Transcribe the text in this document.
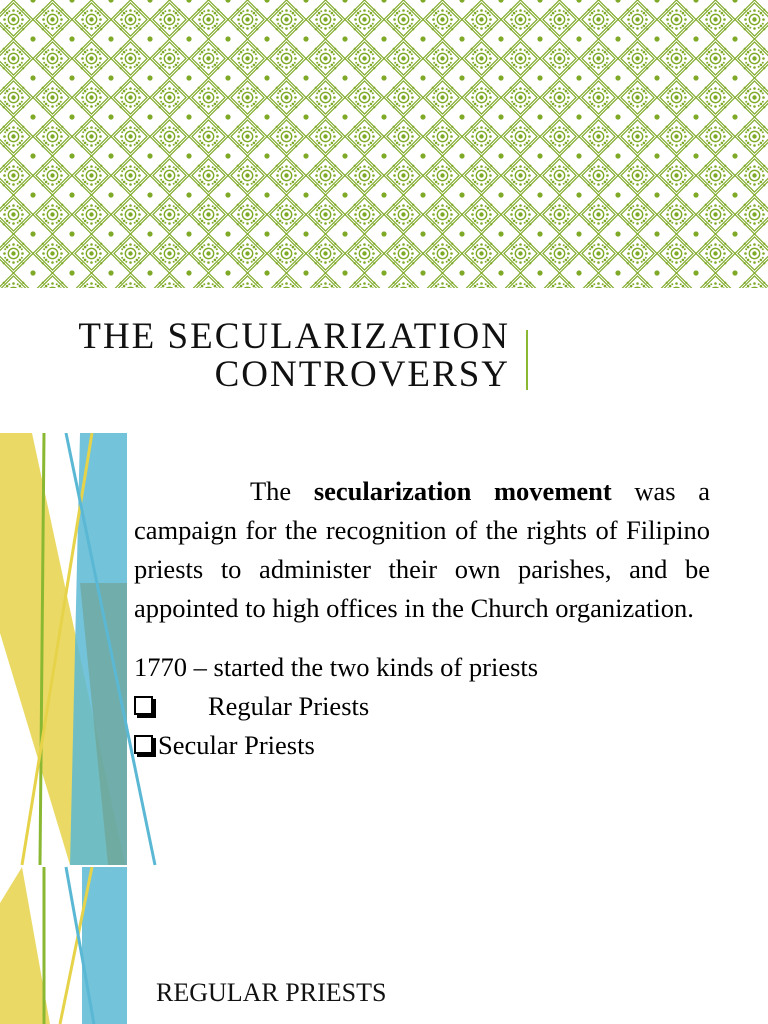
THE SECULARIZATION
CONTROVERSY

The secularization movement was a campaign for the recognition of the rights of Filipino priests to administer their own parishes, and be appointed to high offices in the Church organization.

1770 – started the two kinds of priests

Regular Priests

Secular Priests

REGULAR PRIESTS
